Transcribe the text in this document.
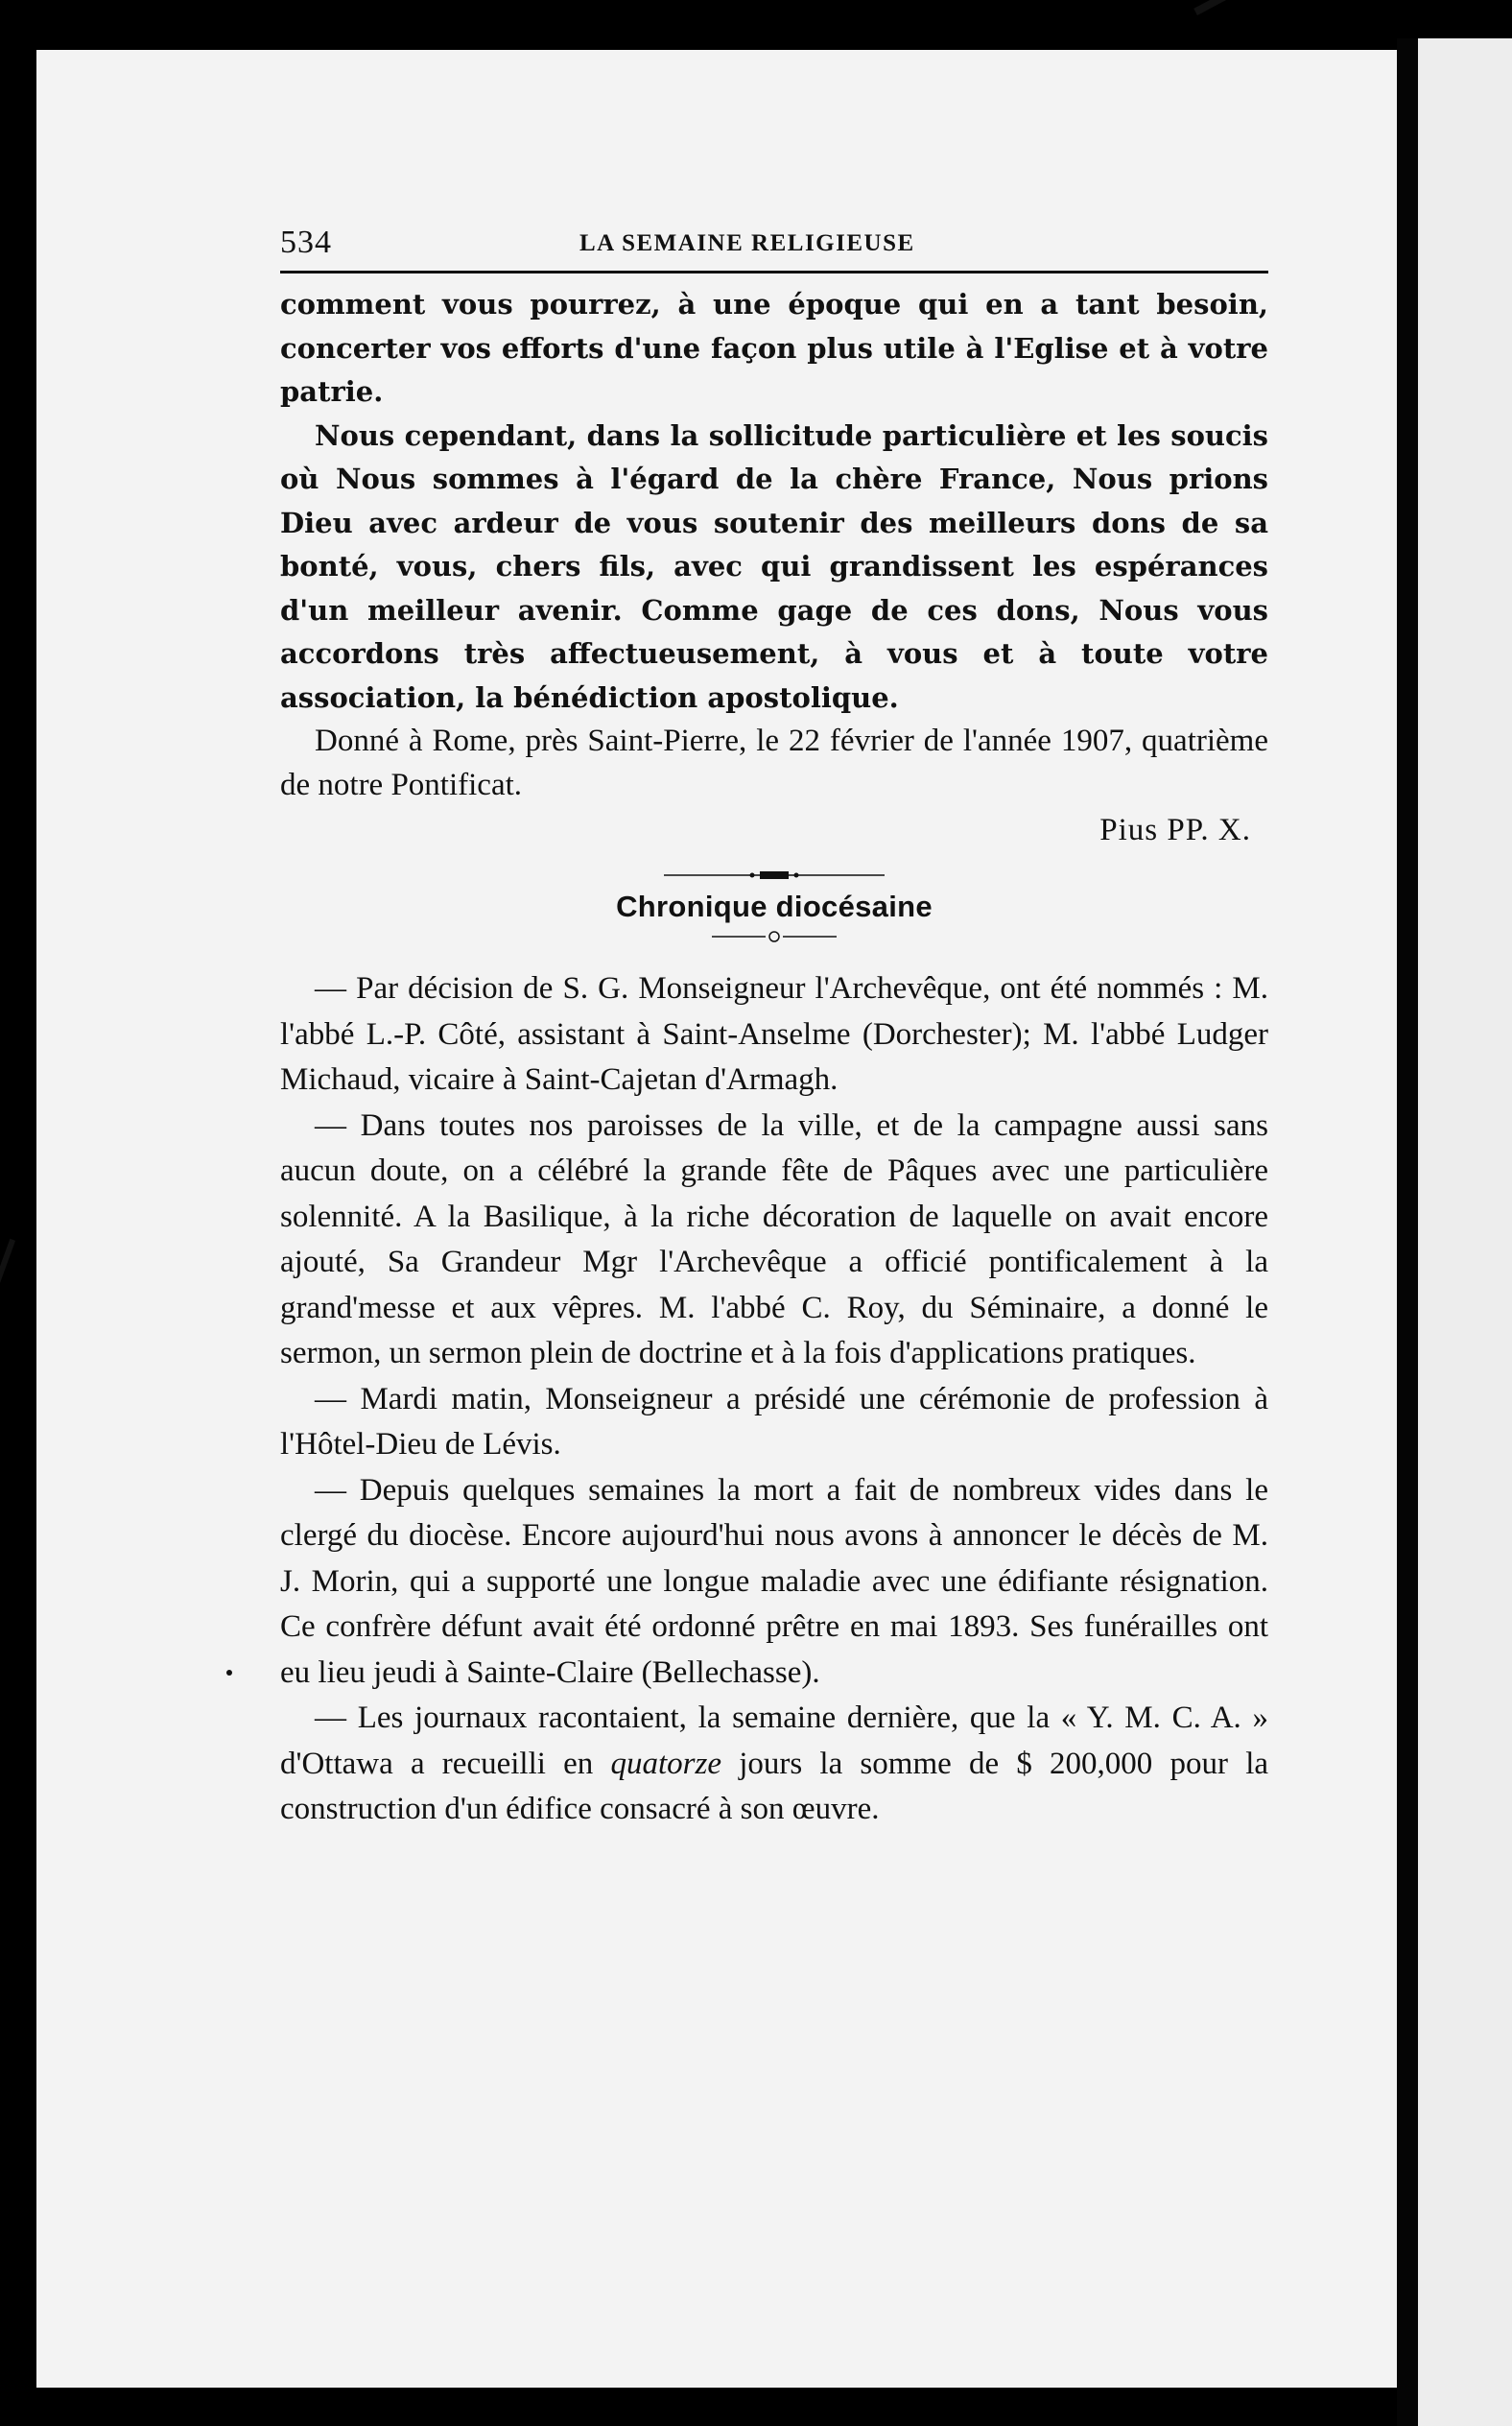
534	LA SEMAINE RELIGIEUSE

comment vous pourrez, à une époque qui en a tant besoin, concerter vos efforts d'une façon plus utile à l'Eglise et à votre patrie.

Nous cependant, dans la sollicitude particulière et les soucis où Nous sommes à l'égard de la chère France, Nous prions Dieu avec ardeur de vous soutenir des meilleurs dons de sa bonté, vous, chers fils, avec qui grandissent les espérances d'un meilleur avenir. Comme gage de ces dons, Nous vous accordons très affectueusement, à vous et à toute votre association, la bénédiction apostolique.

Donné à Rome, près Saint-Pierre, le 22 février de l'année 1907, quatrième de notre Pontificat.

Pius PP. X.
Chronique diocésaine

— Par décision de S. G. Monseigneur l'Archevêque, ont été nommés : M. l'abbé L.-P. Côté, assistant à Saint-Anselme (Dorchester); M. l'abbé Ludger Michaud, vicaire à Saint-Cajetan d'Armagh.

— Dans toutes nos paroisses de la ville, et de la campagne aussi sans aucun doute, on a célébré la grande fête de Pâques avec une particulière solennité. A la Basilique, à la riche décoration de laquelle on avait encore ajouté, Sa Grandeur Mgr l'Archevêque a officié pontificalement à la grand'messe et aux vêpres. M. l'abbé C. Roy, du Séminaire, a donné le sermon, un sermon plein de doctrine et à la fois d'applications pratiques.

— Mardi matin, Monseigneur a présidé une cérémonie de profession à l'Hôtel-Dieu de Lévis.

— Depuis quelques semaines la mort a fait de nombreux vides dans le clergé du diocèse. Encore aujourd'hui nous avons à annoncer le décès de M. J. Morin, qui a supporté une longue maladie avec une édifiante résignation. Ce confrère défunt avait été ordonné prêtre en mai 1893. Ses funérailles ont eu lieu jeudi à Sainte-Claire (Bellechasse).

— Les journaux racontaient, la semaine dernière, que la « Y. M. C. A. » d'Ottawa a recueilli en quatorze jours la somme de $ 200,000 pour la construction d'un édifice consacré à son œuvre.
